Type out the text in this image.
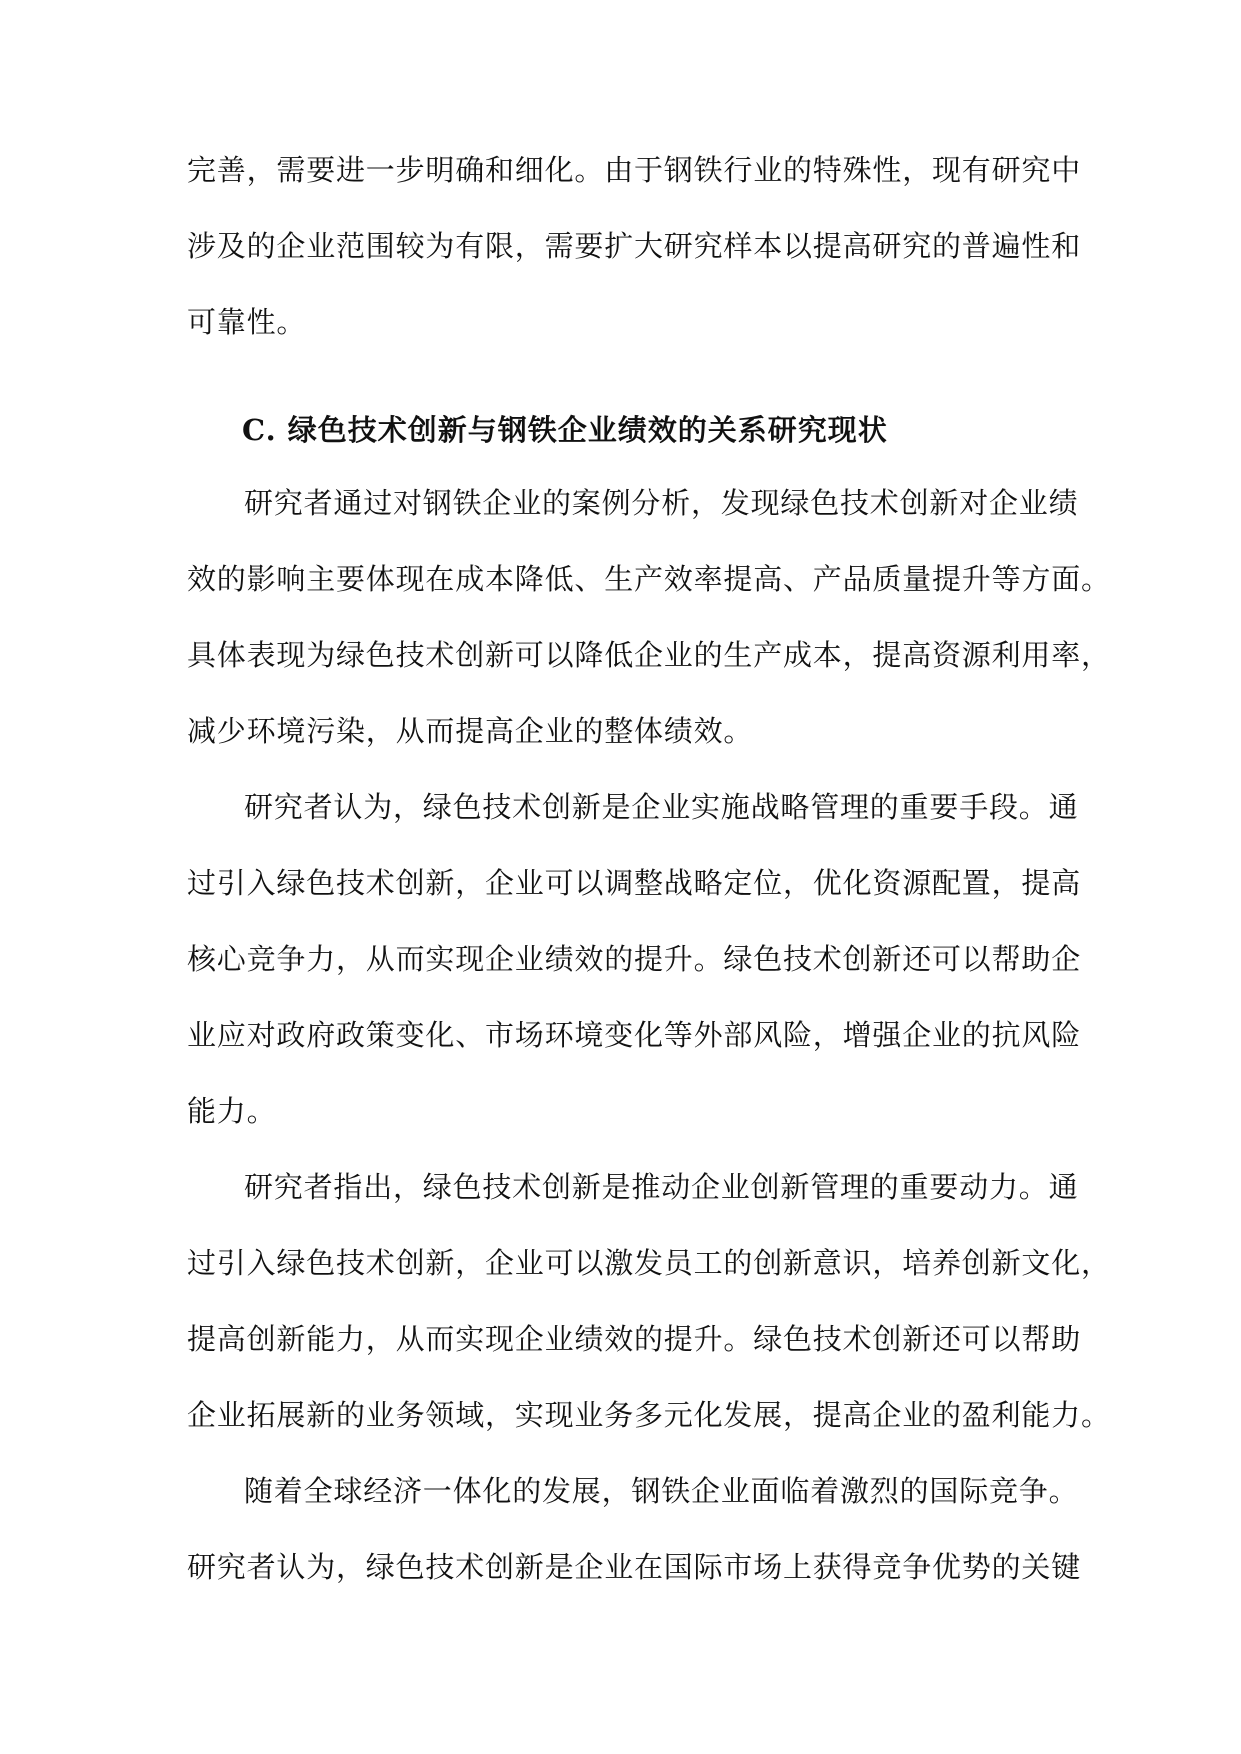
完善，需要进一步明确和细化。由于钢铁行业的特殊性，现有研究中
涉及的企业范围较为有限，需要扩大研究样本以提高研究的普遍性和
可靠性。
C. 绿色技术创新与钢铁企业绩效的关系研究现状
研究者通过对钢铁企业的案例分析，发现绿色技术创新对企业绩
效的影响主要体现在成本降低、生产效率提高、产品质量提升等方面。
具体表现为绿色技术创新可以降低企业的生产成本，提高资源利用率，
减少环境污染，从而提高企业的整体绩效。
研究者认为，绿色技术创新是企业实施战略管理的重要手段。通
过引入绿色技术创新，企业可以调整战略定位，优化资源配置，提高
核心竞争力，从而实现企业绩效的提升。绿色技术创新还可以帮助企
业应对政府政策变化、市场环境变化等外部风险，增强企业的抗风险
能力。
研究者指出，绿色技术创新是推动企业创新管理的重要动力。通
过引入绿色技术创新，企业可以激发员工的创新意识，培养创新文化，
提高创新能力，从而实现企业绩效的提升。绿色技术创新还可以帮助
企业拓展新的业务领域，实现业务多元化发展，提高企业的盈利能力。
随着全球经济一体化的发展，钢铁企业面临着激烈的国际竞争。
研究者认为，绿色技术创新是企业在国际市场上获得竞争优势的关键
